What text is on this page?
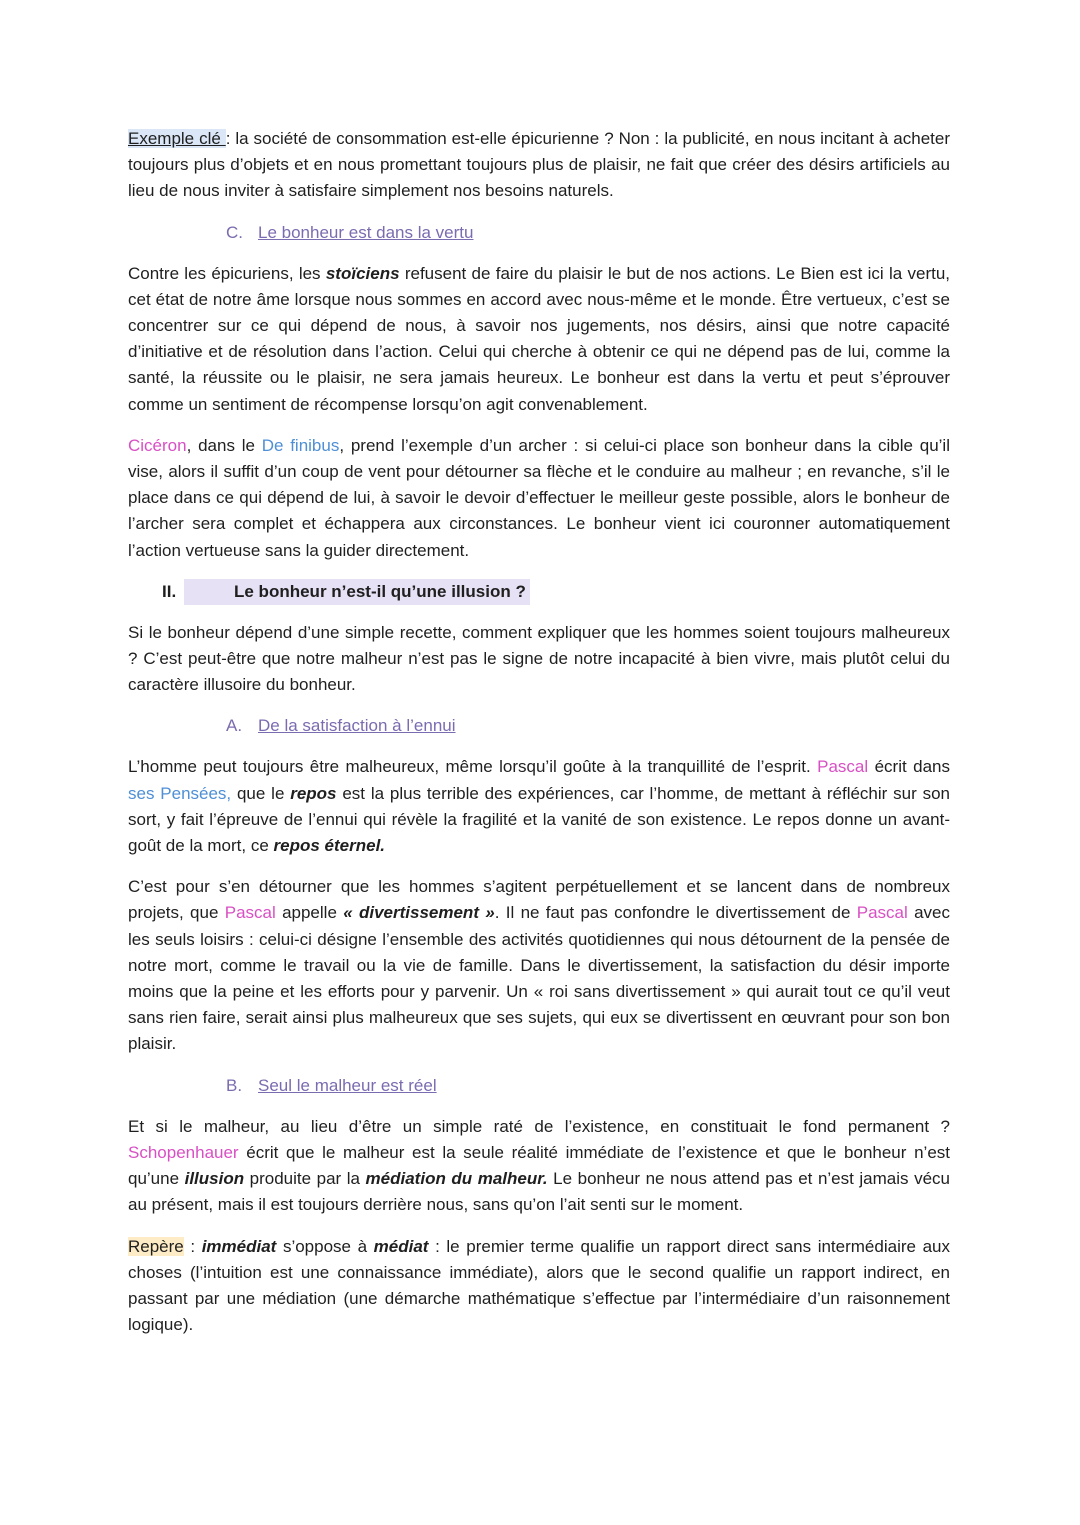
Exemple clé : la société de consommation est-elle épicurienne ? Non : la publicité, en nous incitant à acheter toujours plus d’objets et en nous promettant toujours plus de plaisir, ne fait que créer des désirs artificiels au lieu de nous inviter à satisfaire simplement nos besoins naturels.

C. Le bonheur est dans la vertu

Contre les épicuriens, les stoïciens refusent de faire du plaisir le but de nos actions. Le Bien est ici la vertu, cet état de notre âme lorsque nous sommes en accord avec nous-même et le monde. Être vertueux, c’est se concentrer sur ce qui dépend de nous, à savoir nos jugements, nos désirs, ainsi que notre capacité d’initiative et de résolution dans l’action. Celui qui cherche à obtenir ce qui ne dépend pas de lui, comme la santé, la réussite ou le plaisir, ne sera jamais heureux. Le bonheur est dans la vertu et peut s’éprouver comme un sentiment de récompense lorsqu’on agit convenablement.

Cicéron, dans le De finibus, prend l’exemple d’un archer : si celui-ci place son bonheur dans la cible qu’il vise, alors il suffit d’un coup de vent pour détourner sa flèche et le conduire au malheur ; en revanche, s’il le place dans ce qui dépend de lui, à savoir le devoir d’effectuer le meilleur geste possible, alors le bonheur de l’archer sera complet et échappera aux circonstances. Le bonheur vient ici couronner automatiquement l’action vertueuse sans la guider directement.

II.	Le bonheur n’est-il qu’une illusion ?

Si le bonheur dépend d’une simple recette, comment expliquer que les hommes soient toujours malheureux ? C’est peut-être que notre malheur n’est pas le signe de notre incapacité à bien vivre, mais plutôt celui du caractère illusoire du bonheur.

A. De la satisfaction à l’ennui

L’homme peut toujours être malheureux, même lorsqu’il goûte à la tranquillité de l’esprit. Pascal écrit dans ses Pensées, que le repos est la plus terrible des expériences, car l’homme, de mettant à réfléchir sur son sort, y fait l’épreuve de l’ennui qui révèle la fragilité et la vanité de son existence. Le repos donne un avant-goût de la mort, ce repos éternel.

C’est pour s’en détourner que les hommes s’agitent perpétuellement et se lancent dans de nombreux projets, que Pascal appelle « divertissement ». Il ne faut pas confondre le divertissement de Pascal avec les seuls loisirs : celui-ci désigne l’ensemble des activités quotidiennes qui nous détournent de la pensée de notre mort, comme le travail ou la vie de famille. Dans le divertissement, la satisfaction du désir importe moins que la peine et les efforts pour y parvenir. Un « roi sans divertissement » qui aurait tout ce qu’il veut sans rien faire, serait ainsi plus malheureux que ses sujets, qui eux se divertissent en œuvrant pour son bon plaisir.

B. Seul le malheur est réel

Et si le malheur, au lieu d’être un simple raté de l’existence, en constituait le fond permanent ? Schopenhauer écrit que le malheur est la seule réalité immédiate de l’existence et que le bonheur n’est qu’une illusion produite par la médiation du malheur. Le bonheur ne nous attend pas et n’est jamais vécu au présent, mais il est toujours derrière nous, sans qu’on l’ait senti sur le moment.

Repère : immédiat s’oppose à médiat : le premier terme qualifie un rapport direct sans intermédiaire aux choses (l’intuition est une connaissance immédiate), alors que le second qualifie un rapport indirect, en passant par une médiation (une démarche mathématique s’effectue par l’intermédiaire d’un raisonnement logique).
